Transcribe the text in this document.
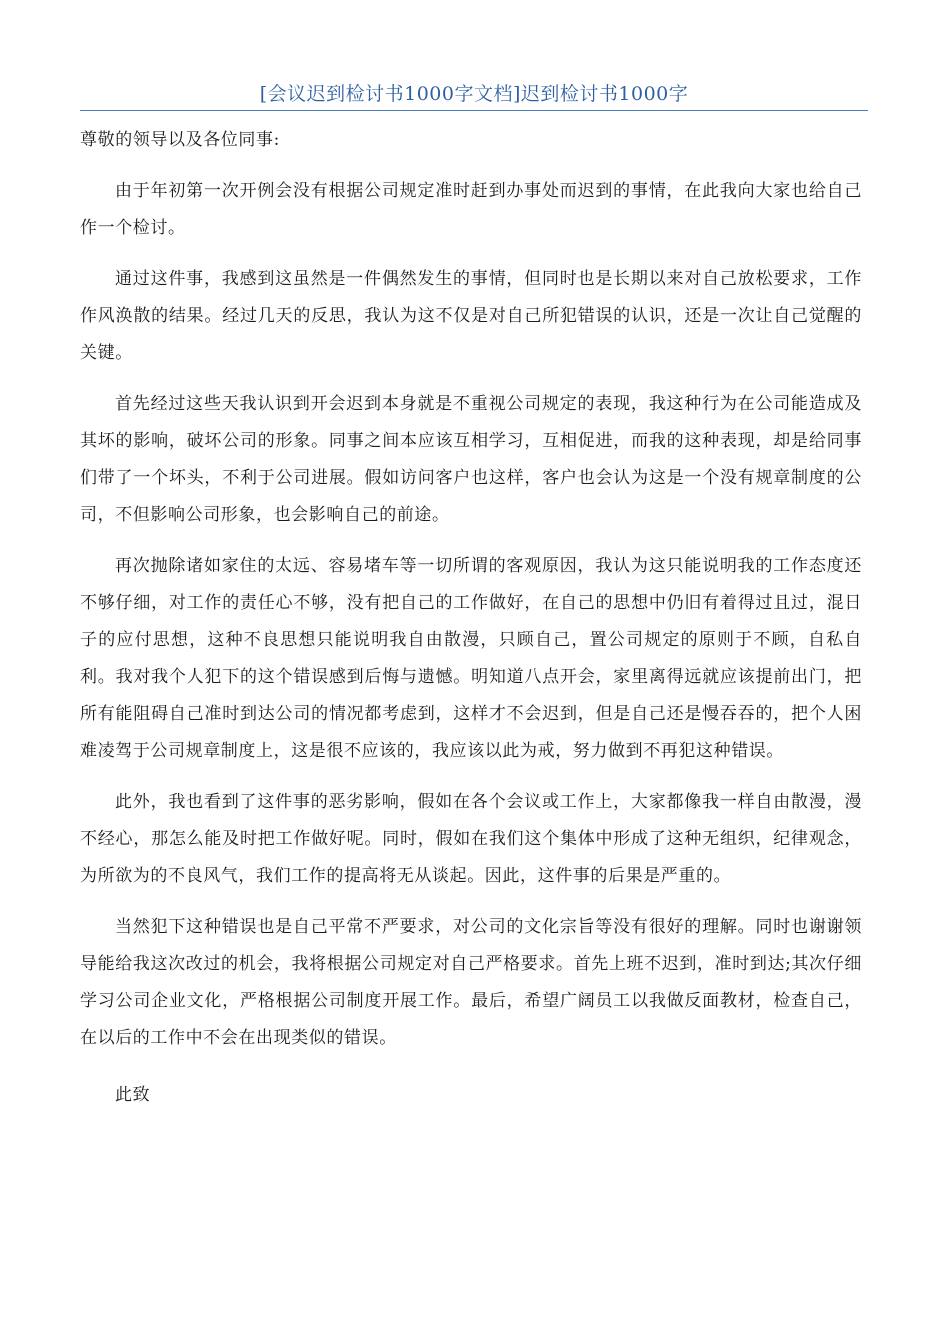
[会议迟到检讨书1000字文档]迟到检讨书1000字

尊敬的领导以及各位同事:

由于年初第一次开例会没有根据公司规定准时赶到办事处而迟到的事情，在此我向大家也给自己作一个检讨。

通过这件事，我感到这虽然是一件偶然发生的事情，但同时也是长期以来对自己放松要求，工作作风涣散的结果。经过几天的反思，我认为这不仅是对自己所犯错误的认识，还是一次让自己觉醒的关键。

首先经过这些天我认识到开会迟到本身就是不重视公司规定的表现，我这种行为在公司能造成及其坏的影响，破坏公司的形象。同事之间本应该互相学习，互相促进，而我的这种表现，却是给同事们带了一个坏头，不利于公司进展。假如访问客户也这样，客户也会认为这是一个没有规章制度的公司，不但影响公司形象，也会影响自己的前途。

再次抛除诸如家住的太远、容易堵车等一切所谓的客观原因，我认为这只能说明我的工作态度还不够仔细，对工作的责任心不够，没有把自己的工作做好，在自己的思想中仍旧有着得过且过，混日子的应付思想，这种不良思想只能说明我自由散漫，只顾自己，置公司规定的原则于不顾，自私自利。我对我个人犯下的这个错误感到后悔与遗憾。明知道八点开会，家里离得远就应该提前出门，把所有能阻碍自己准时到达公司的情况都考虑到，这样才不会迟到，但是自己还是慢吞吞的，把个人困难凌驾于公司规章制度上，这是很不应该的，我应该以此为戒，努力做到不再犯这种错误。

此外，我也看到了这件事的恶劣影响，假如在各个会议或工作上，大家都像我一样自由散漫，漫不经心，那怎么能及时把工作做好呢。同时，假如在我们这个集体中形成了这种无组织，纪律观念，为所欲为的不良风气，我们工作的提高将无从谈起。因此，这件事的后果是严重的。

当然犯下这种错误也是自己平常不严要求，对公司的文化宗旨等没有很好的理解。同时也谢谢领导能给我这次改过的机会，我将根据公司规定对自己严格要求。首先上班不迟到，准时到达;其次仔细学习公司企业文化，严格根据公司制度开展工作。最后，希望广阔员工以我做反面教材，检查自己，在以后的工作中不会在出现类似的错误。

此致
